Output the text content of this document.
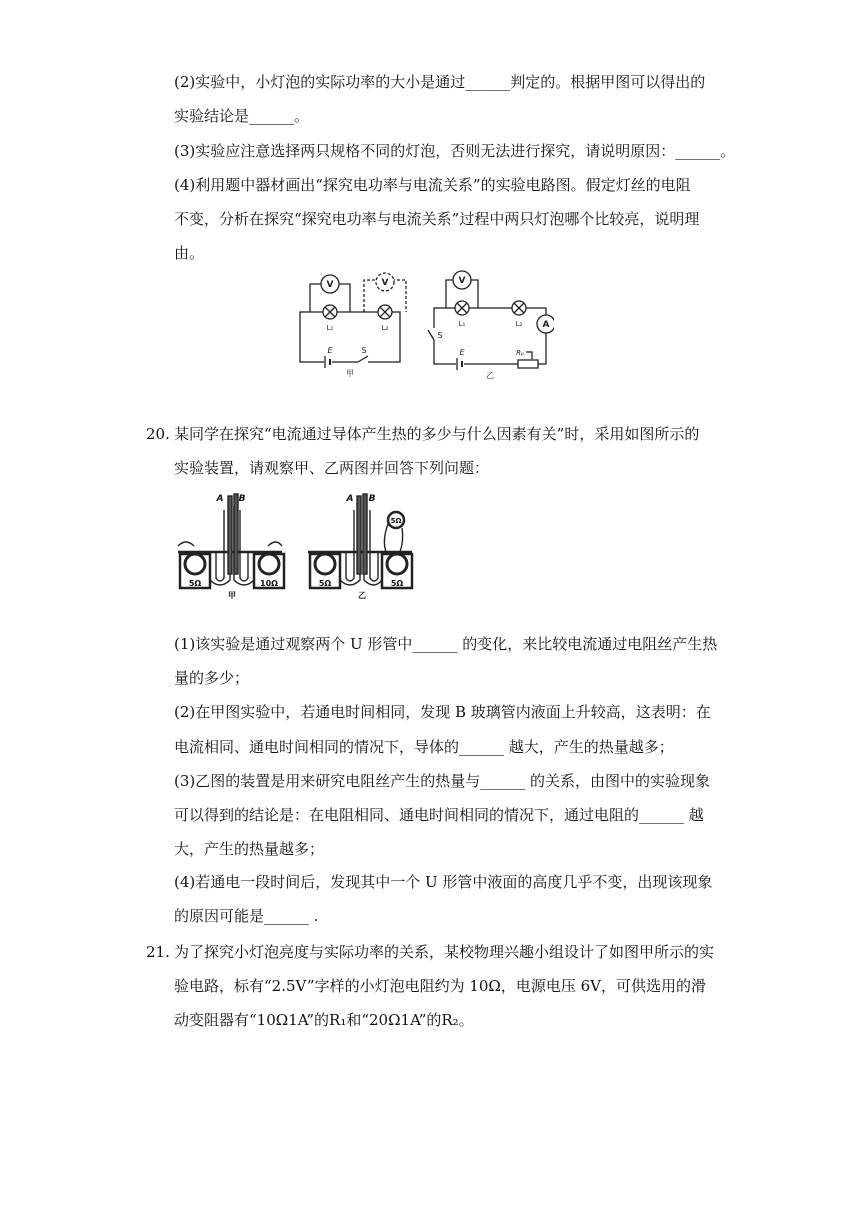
(2)实验中，小灯泡的实际功率的大小是通过______判定的。根据甲图可以得出的
实验结论是______。
(3)实验应注意选择两只规格不同的灯泡，否则无法进行探究，请说明原因：______。
(4)利用题中器材画出“探究电功率与电流关系”的实验电路图。假定灯丝的电阻
不变，分析在探究“探究电功率与电流关系”过程中两只灯泡哪个比较亮，说明理
由。
V	V
L₁	L₂
E	S
甲
V
L₁	L₂ A
S
E	Rₚ
乙
20. 某同学在探究“电流通过导体产生热的多少与什么因素有关”时，采用如图所示的
实验装置，请观察甲、乙两图并回答下列问题：
A B
5Ω	10Ω
甲
A B
5Ω
5Ω	5Ω
乙
(1)该实验是通过观察两个 U 形管中______ 的变化，来比较电流通过电阻丝产生热
量的多少；
(2)在甲图实验中，若通电时间相同，发现 B 玻璃管内液面上升较高，这表明：在
电流相同、通电时间相同的情况下，导体的______ 越大，产生的热量越多；
(3)乙图的装置是用来研究电阻丝产生的热量与______ 的关系，由图中的实验现象
可以得到的结论是：在电阻相同、通电时间相同的情况下，通过电阻的______ 越
大，产生的热量越多；
(4)若通电一段时间后，发现其中一个 U 形管中液面的高度几乎不变，出现该现象
的原因可能是______ .
21. 为了探究小灯泡亮度与实际功率的关系，某校物理兴趣小组设计了如图甲所示的实
验电路，标有“2.5V”字样的小灯泡电阻约为 10Ω，电源电压 6V，可供选用的滑
动变阻器有“10Ω1A”的R₁和“20Ω1A”的R₂。
